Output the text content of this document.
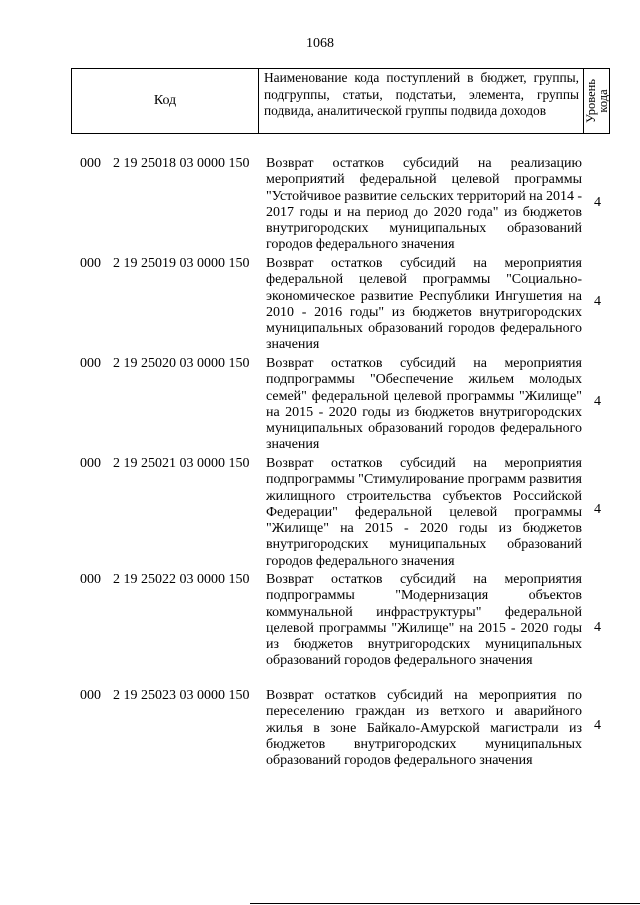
1068
Код
Наименование кода поступлений в бюджет, группы, подгруппы, статьи, подстатьи, элемента, группы подвида, аналитической группы подвида доходов	Уровень кода
000 2 19 25018 03 0000 150 Возврат остатков субсидий на реализацию мероприятий федеральной целевой программы "Устойчивое развитие сельских территорий на 2014 - 2017 годы и на период до 2020 года" из бюджетов внутригородских муниципальных образований городов федерального значения
4
000 2 19 25019 03 0000 150 Возврат остатков субсидий на мероприятия федеральной целевой программы "Социально-экономическое развитие Республики Ингушетия на 2010 - 2016 годы" из бюджетов внутригородских муниципальных образований городов федерального значения
4
000 2 19 25020 03 0000 150 Возврат остатков субсидий на мероприятия подпрограммы "Обеспечение жильем молодых семей" федеральной целевой программы "Жилище" на 2015 - 2020 годы из бюджетов внутригородских муниципальных образований городов федерального значения
4
000 2 19 25021 03 0000 150 Возврат остатков субсидий на мероприятия подпрограммы "Стимулирование программ развития жилищного строительства субъектов Российской Федерации" федеральной целевой программы "Жилище" на 2015 - 2020 годы из бюджетов внутригородских муниципальных образований городов федерального значения
4
000 2 19 25022 03 0000 150 Возврат остатков субсидий на мероприятия подпрограммы "Модернизация объектов коммунальной инфраструктуры" федеральной целевой программы "Жилище" на 2015 - 2020 годы из бюджетов внутригородских муниципальных образований городов федерального значения
4
000 2 19 25023 03 0000 150 Возврат остатков субсидий на мероприятия по переселению граждан из ветхого и аварийного жилья в зоне Байкало-Амурской магистрали из бюджетов внутригородских муниципальных образований городов федерального значения
4
